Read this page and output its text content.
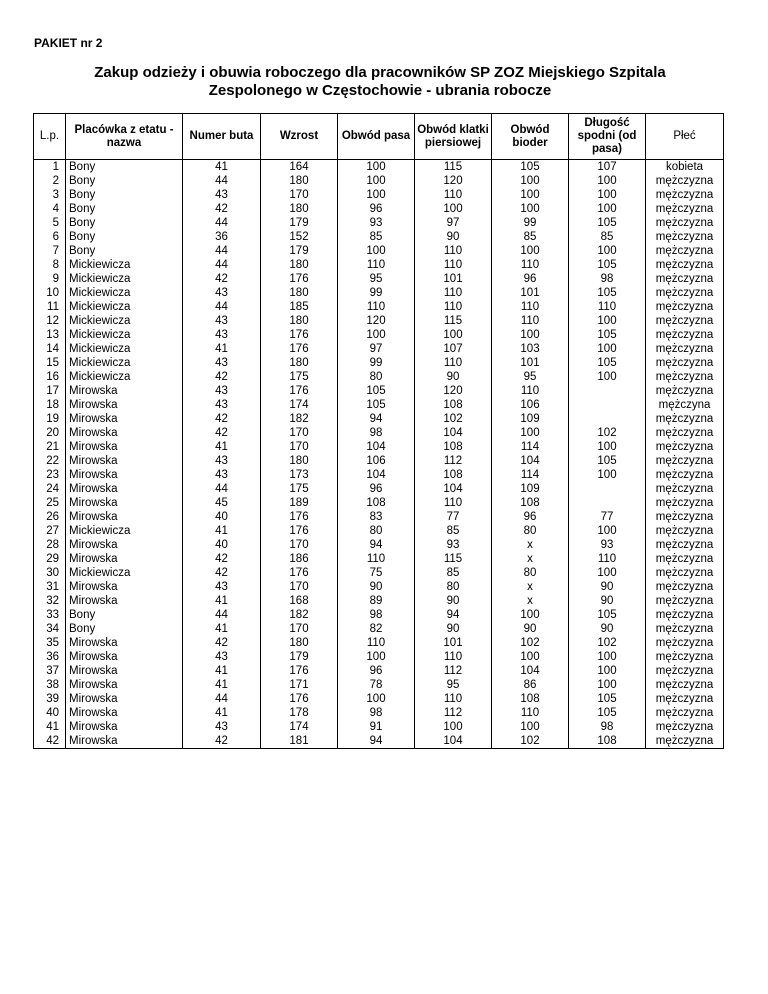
PAKIET nr 2
Zakup odzieży i obuwia roboczego dla pracowników SP ZOZ Miejskiego Szpitala
Zespolonego w Częstochowie - ubrania robocze
L.p.	Placówka z etatu - nazwa	Numer buta	Wzrost	Obwód pasa	Obwód klatki piersiowej	Obwód bioder	Długość spodni (od pasa)	Płeć
1	Bony	41	164	100	115	105	107	kobieta
2	Bony	44	180	100	120	100	100	mężczyzna
3	Bony	43	170	100	110	100	100	mężczyzna
4	Bony	42	180	96	100	100	100	mężczyzna
5	Bony	44	179	93	97	99	105	mężczyzna
6	Bony	36	152	85	90	85	85	mężczyzna
7	Bony	44	179	100	110	100	100	mężczyzna
8	Mickiewicza	44	180	110	110	110	105	mężczyzna
9	Mickiewicza	42	176	95	101	96	98	mężczyzna
10	Mickiewicza	43	180	99	110	101	105	mężczyzna
11	Mickiewicza	44	185	110	110	110	110	mężczyzna
12	Mickiewicza	43	180	120	115	110	100	mężczyzna
13	Mickiewicza	43	176	100	100	100	105	mężczyzna
14	Mickiewicza	41	176	97	107	103	100	mężczyzna
15	Mickiewicza	43	180	99	110	101	105	mężczyzna
16	Mickiewicza	42	175	80	90	95	100	mężczyzna
17	Mirowska	43	176	105	120	110		mężczyzna
18	Mirowska	43	174	105	108	106		mężczyna
19	Mirowska	42	182	94	102	109		mężczyzna
20	Mirowska	42	170	98	104	100	102	mężczyzna
21	Mirowska	41	170	104	108	114	100	mężczyzna
22	Mirowska	43	180	106	112	104	105	mężczyzna
23	Mirowska	43	173	104	108	114	100	mężczyzna
24	Mirowska	44	175	96	104	109		mężczyzna
25	Mirowska	45	189	108	110	108		mężczyzna
26	Mirowska	40	176	83	77	96	77	mężczyzna
27	Mickiewicza	41	176	80	85	80	100	mężczyzna
28	Mirowska	40	170	94	93	x	93	mężczyzna
29	Mirowska	42	186	110	115	x	110	mężczyzna
30	Mickiewicza	42	176	75	85	80	100	mężczyzna
31	Mirowska	43	170	90	80	x	90	mężczyzna
32	Mirowska	41	168	89	90	x	90	mężczyzna
33	Bony	44	182	98	94	100	105	mężczyzna
34	Bony	41	170	82	90	90	90	mężczyzna
35	Mirowska	42	180	110	101	102	102	mężczyzna
36	Mirowska	43	179	100	110	100	100	mężczyzna
37	Mirowska	41	176	96	112	104	100	mężczyzna
38	Mirowska	41	171	78	95	86	100	mężczyzna
39	Mirowska	44	176	100	110	108	105	mężczyzna
40	Mirowska	41	178	98	112	110	105	mężczyzna
41	Mirowska	43	174	91	100	100	98	mężczyzna
42	Mirowska	42	181	94	104	102	108	mężczyzna
